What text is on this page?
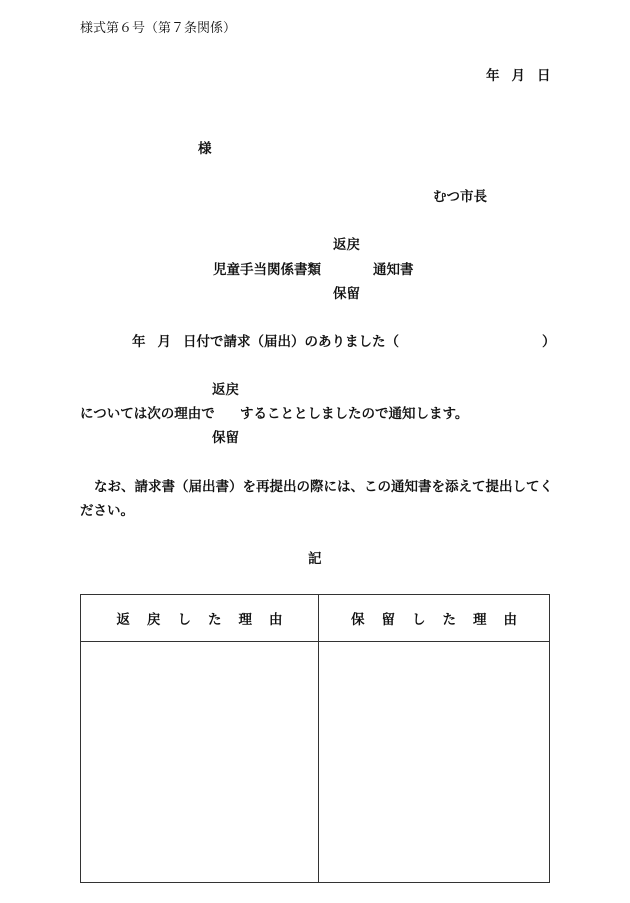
様式第６号（第７条関係）
年 月 日
様
むつ市長
返戻
児童手当関係書類	通知書
保留
年 月 日付で請求（届出）のありました（	）
返戻
については次の理由で することとしましたので通知します。
保留
なお、請求書（届出書）を再提出の際には、この通知書を添えて提出してく
ださい。
記
返戻した理由	保留した理由
